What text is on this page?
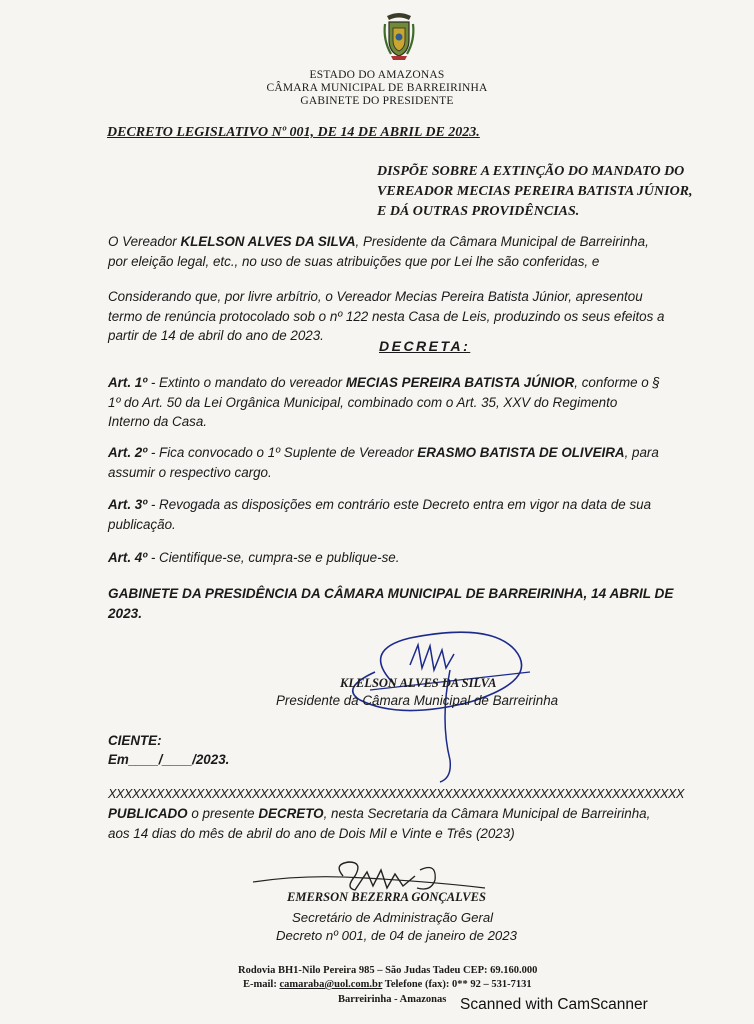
ESTADO DO AMAZONAS
CÂMARA MUNICIPAL DE BARREIRINHA
GABINETE DO PRESIDENTE
DECRETO LEGISLATIVO Nº 001, DE 14 DE ABRIL DE 2023.
DISPÕE SOBRE A EXTINÇÃO DO MANDATO DO
VEREADOR MECIAS PEREIRA BATISTA JÚNIOR,
E DÁ OUTRAS PROVIDÊNCIAS.
O Vereador KLELSON ALVES DA SILVA, Presidente da Câmara Municipal de Barreirinha,
por eleição legal, etc., no uso de suas atribuições que por Lei lhe são conferidas, e
Considerando que, por livre arbítrio, o Vereador Mecias Pereira Batista Júnior, apresentou
termo de renúncia protocolado sob o nº 122 nesta Casa de Leis, produzindo os seus efeitos a
partir de 14 de abril do ano de 2023.
DECRETA:
Art. 1º - Extinto o mandato do vereador MECIAS PEREIRA BATISTA JÚNIOR, conforme o §
1º do Art. 50 da Lei Orgânica Municipal, combinado com o Art. 35, XXV do Regimento
Interno da Casa.
Art. 2º - Fica convocado o 1º Suplente de Vereador ERASMO BATISTA DE OLIVEIRA, para
assumir o respectivo cargo.
Art. 3º - Revogada as disposições em contrário este Decreto entra em vigor na data de sua
publicação.
Art. 4º - Cientifique-se, cumpra-se e publique-se.
GABINETE DA PRESIDÊNCIA DA CÂMARA MUNICIPAL DE BARREIRINHA, 14 ABRIL DE
2023.
KLELSON ALVES DA SILVA
Presidente da Câmara Municipal de Barreirinha
CIENTE:
Em____/____/2023.
XXXXXXXXXXXXXXXXXXXXXXXXXXXXXXXXXXXXXXXXXXXXXXXXXXXXXXXXXXXXXXXXXXXXXXXX
PUBLICADO o presente DECRETO, nesta Secretaria da Câmara Municipal de Barreirinha,
aos 14 dias do mês de abril do ano de Dois Mil e Vinte e Três (2023)
EMERSON BEZERRA GONÇALVES
Secretário de Administração Geral
Decreto nº 001, de 04 de janeiro de 2023
Rodovia BH1-Nilo Pereira 985 – São Judas Tadeu CEP: 69.160.000
E-mail: camaraba@uol.com.br Telefone (fax): 0** 92 – 531-7131
Barreirinha - Amazonas Scanned with CamScanner
